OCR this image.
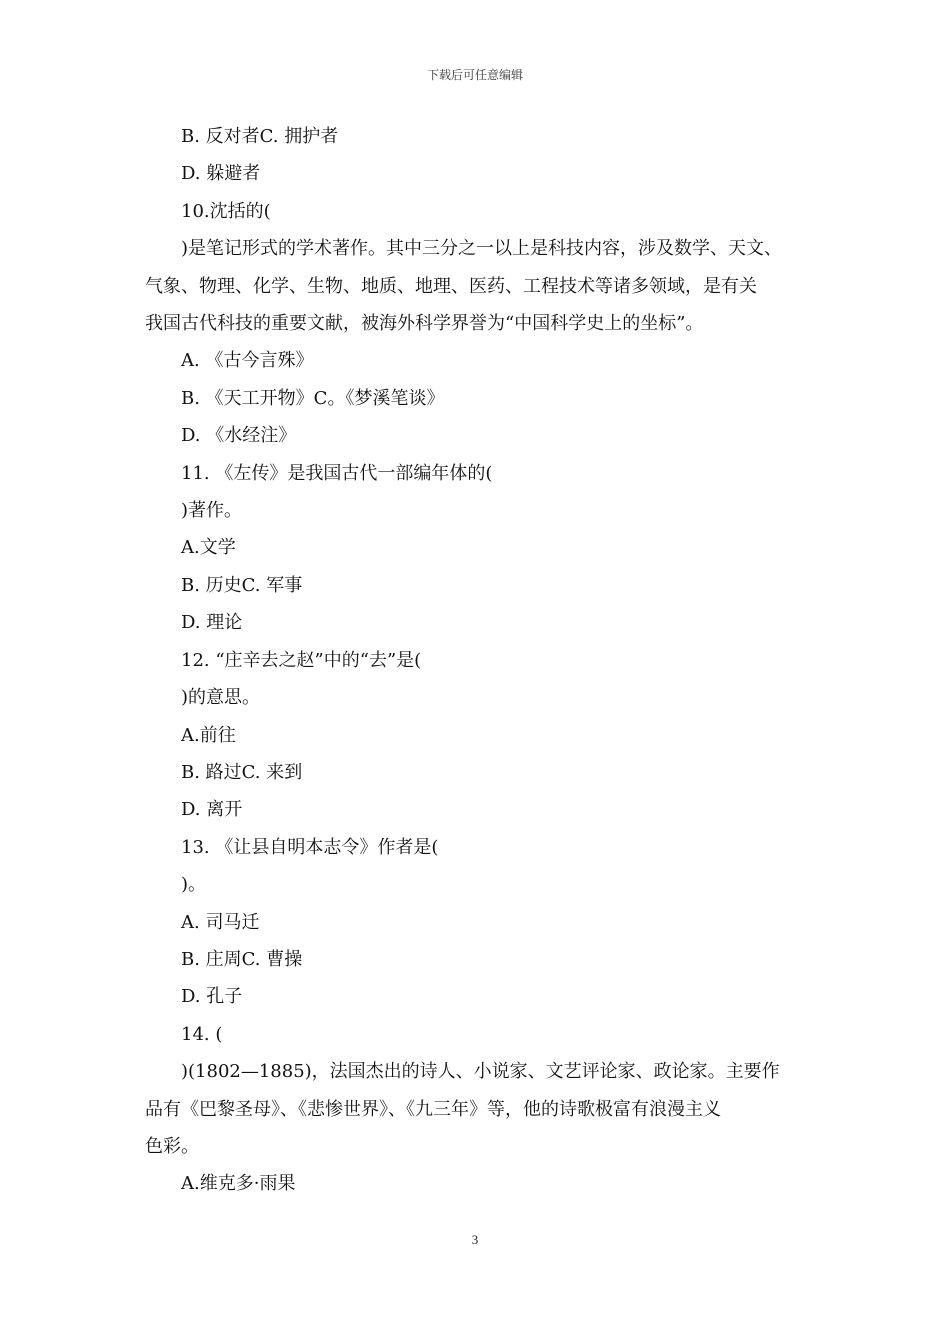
下载后可任意编辑
B. 反对者C. 拥护者
D. 躲避者
10.沈括的(
)是笔记形式的学术著作。其中三分之一以上是科技内容，涉及数学、天文、
气象、物理、化学、生物、地质、地理、医药、工程技术等诸多领域，是有关
我国古代科技的重要文献，被海外科学界誉为“中国科学史上的坐标”。
A. 《古今言殊》
B. 《天工开物》C。《梦溪笔谈》
D. 《水经注》
11. 《左传》是我国古代一部编年体的(
)著作。
A.文学
B. 历史C. 军事
D. 理论
12. “庄辛去之赵”中的“去”是(
)的意思。
A.前往
B. 路过C. 来到
D. 离开
13. 《让县自明本志令》作者是(
)。
A. 司马迁
B. 庄周C. 曹操
D. 孔子
14. (
)(1802—1885)，法国杰出的诗人、小说家、文艺评论家、政论家。主要作
品有《巴黎圣母》、《悲惨世界》、《九三年》等，他的诗歌极富有浪漫主义
色彩。
A.维克多·雨果
3
